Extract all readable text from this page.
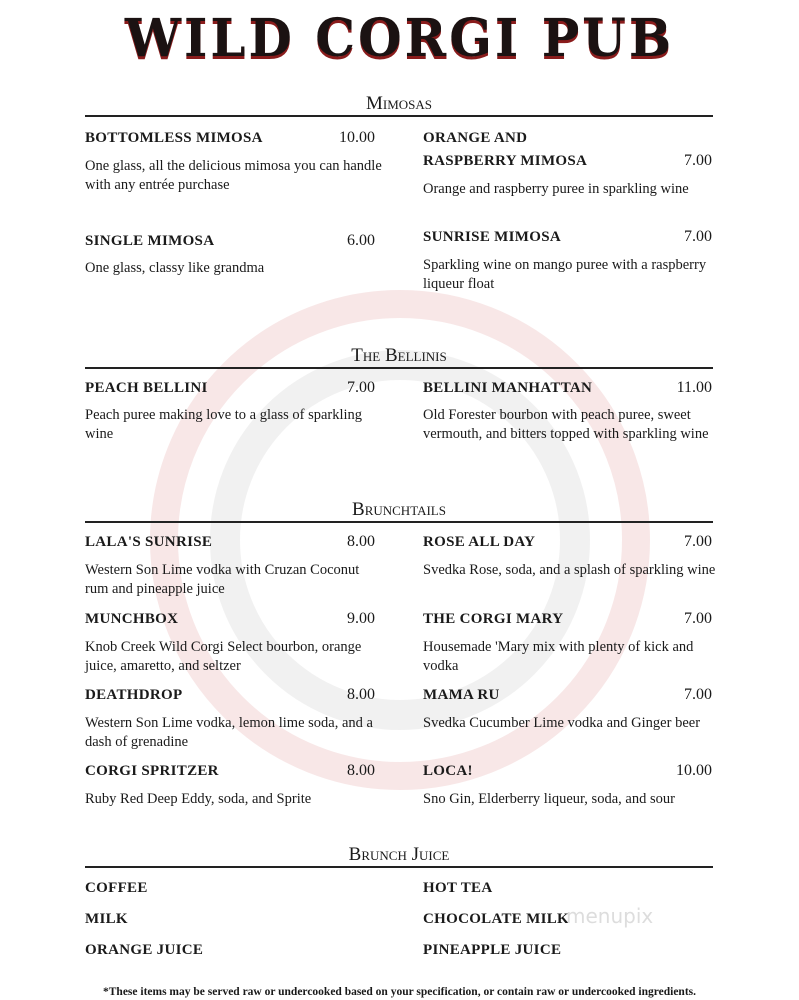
WILD CORGI PUB
Mimosas
BOTTOMLESS MIMOSA	10.00
One glass, all the delicious mimosa you can handle with any entrée purchase
ORANGE AND
RASPBERRY MIMOSA	7.00
Orange and raspberry puree in sparkling wine
SINGLE MIMOSA	6.00
One glass, classy like grandma
SUNRISE MIMOSA	7.00
Sparkling wine on mango puree with a raspberry liqueur float
The Bellinis
PEACH BELLINI	7.00
Peach puree making love to a glass of sparkling wine
BELLINI MANHATTAN	11.00
Old Forester bourbon with peach puree, sweet vermouth, and bitters topped with sparkling wine
Brunchtails
LALA'S SUNRISE	8.00
Western Son Lime vodka with Cruzan Coconut rum and pineapple juice
ROSE ALL DAY	7.00
Svedka Rose, soda, and a splash of sparkling wine
MUNCHBOX	9.00
Knob Creek Wild Corgi Select bourbon, orange juice, amaretto, and seltzer
THE CORGI MARY	7.00
Housemade 'Mary mix with plenty of kick and vodka
DEATHDROP	8.00
Western Son Lime vodka, lemon lime soda, and a dash of grenadine
MAMA RU	7.00
Svedka Cucumber Lime vodka and Ginger beer
CORGI SPRITZER	8.00
Ruby Red Deep Eddy, soda, and Sprite
LOCA!	10.00
Sno Gin, Elderberry liqueur, soda, and sour
Brunch Juice
COFFEE	HOT TEA
MILK	CHOCOLATE MILK
ORANGE JUICE	PINEAPPLE JUICE
menupix
*These items may be served raw or undercooked based on your specification, or contain raw or undercooked ingredients.
